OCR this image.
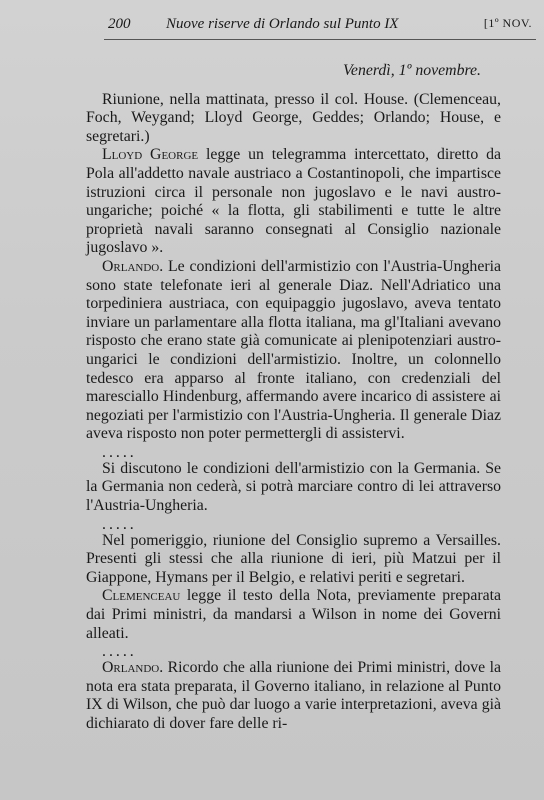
200 Nuove riserve di Orlando sul Punto IX	[1º NOV.

Venerdì, 1º novembre.

Riunione, nella mattinata, presso il col. House. (Clemenceau, Foch, Weygand; Lloyd George, Geddes; Orlando; House, e segretari.)

Lloyd George legge un telegramma intercettato, diretto da Pola all'addetto navale austriaco a Costantinopoli, che impartisce istruzioni circa il personale non jugoslavo e le navi austro-ungariche; poiché « la flotta, gli stabilimenti e tutte le altre proprietà navali saranno consegnati al Consiglio nazionale jugoslavo ».

Orlando. Le condizioni dell'armistizio con l'Austria-Ungheria sono state telefonate ieri al generale Diaz. Nell'Adriatico una torpediniera austriaca, con equipaggio jugoslavo, aveva tentato inviare un parlamentare alla flotta italiana, ma gl'Italiani avevano risposto che erano state già comunicate ai plenipotenziari austro-ungarici le condizioni dell'armistizio. Inoltre, un colonnello tedesco era apparso al fronte italiano, con credenziali del maresciallo Hindenburg, affermando avere incarico di assistere ai negoziati per l'armistizio con l'Austria-Ungheria. Il generale Diaz aveva risposto non poter permettergli di assistervi.

.....

Si discutono le condizioni dell'armistizio con la Germania. Se la Germania non cederà, si potrà marciare contro di lei attraverso l'Austria-Ungheria.

.....

Nel pomeriggio, riunione del Consiglio supremo a Versailles. Presenti gli stessi che alla riunione di ieri, più Matzui per il Giappone, Hymans per il Belgio, e relativi periti e segretari.

Clemenceau legge il testo della Nota, previamente preparata dai Primi ministri, da mandarsi a Wilson in nome dei Governi alleati.

.....

Orlando. Ricordo che alla riunione dei Primi ministri, dove la nota era stata preparata, il Governo italiano, in relazione al Punto IX di Wilson, che può dar luogo a varie interpretazioni, aveva già dichiarato di dover fare delle ri-
